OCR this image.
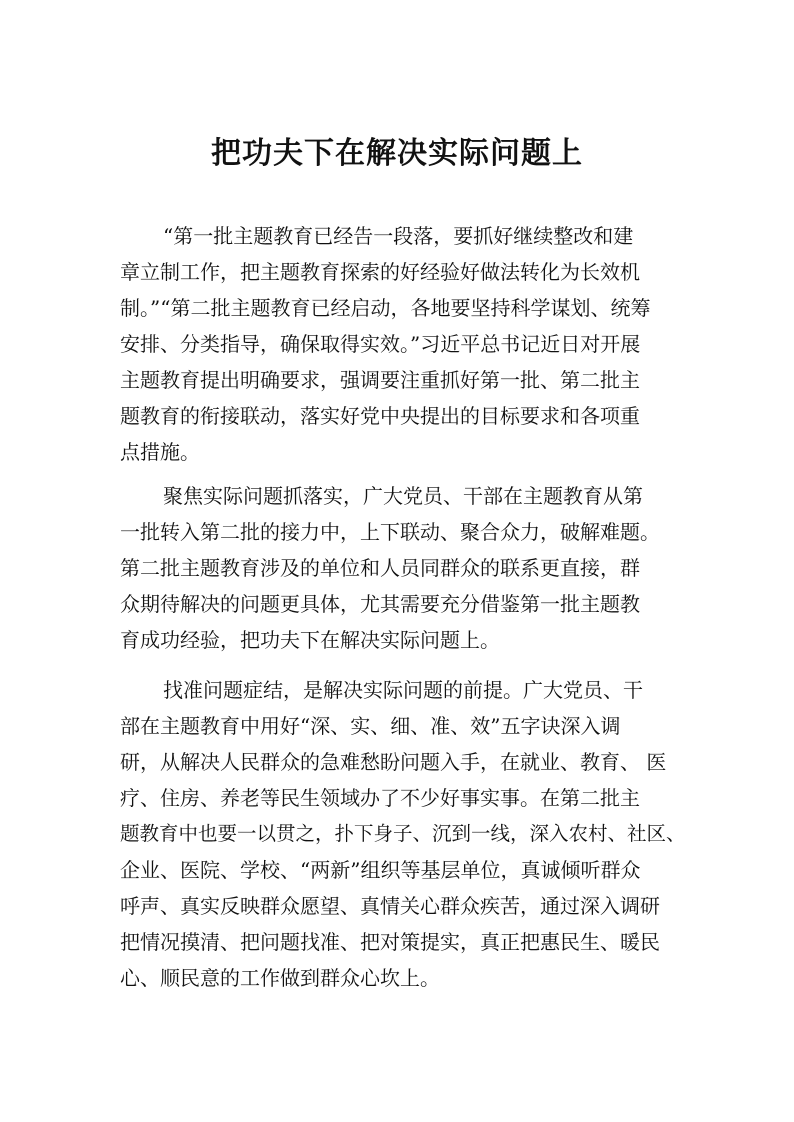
把功夫下在解决实际问题上

“第一批主题教育已经告一段落，要抓好继续整改和建

章立制工作，把主题教育探索的好经验好做法转化为长效机

制。”“第二批主题教育已经启动，各地要坚持科学谋划、统筹

安排、分类指导，确保取得实效。”习近平总书记近日对开展

主题教育提出明确要求，强调要注重抓好第一批、第二批主

题教育的衔接联动，落实好党中央提出的目标要求和各项重

点措施。

聚焦实际问题抓落实，广大党员、干部在主题教育从第

一批转入第二批的接力中，上下联动、聚合众力，破解难题。

第二批主题教育涉及的单位和人员同群众的联系更直接，群

众期待解决的问题更具体，尤其需要充分借鉴第一批主题教

育成功经验，把功夫下在解决实际问题上。

找准问题症结，是解决实际问题的前提。广大党员、干

部在主题教育中用好“深、实、细、准、效”五字诀深入调

研，从解决人民群众的急难愁盼问题入手，在就业、教育、 医

疗、住房、养老等民生领域办了不少好事实事。在第二批主

题教育中也要一以贯之，扑下身子、沉到一线，深入农村、社区、

企业、医院、学校、“两新”组织等基层单位，真诚倾听群众

呼声、真实反映群众愿望、真情关心群众疾苦，通过深入调研

把情况摸清、把问题找准、把对策提实，真正把惠民生、暖民

心、顺民意的工作做到群众心坎上。
